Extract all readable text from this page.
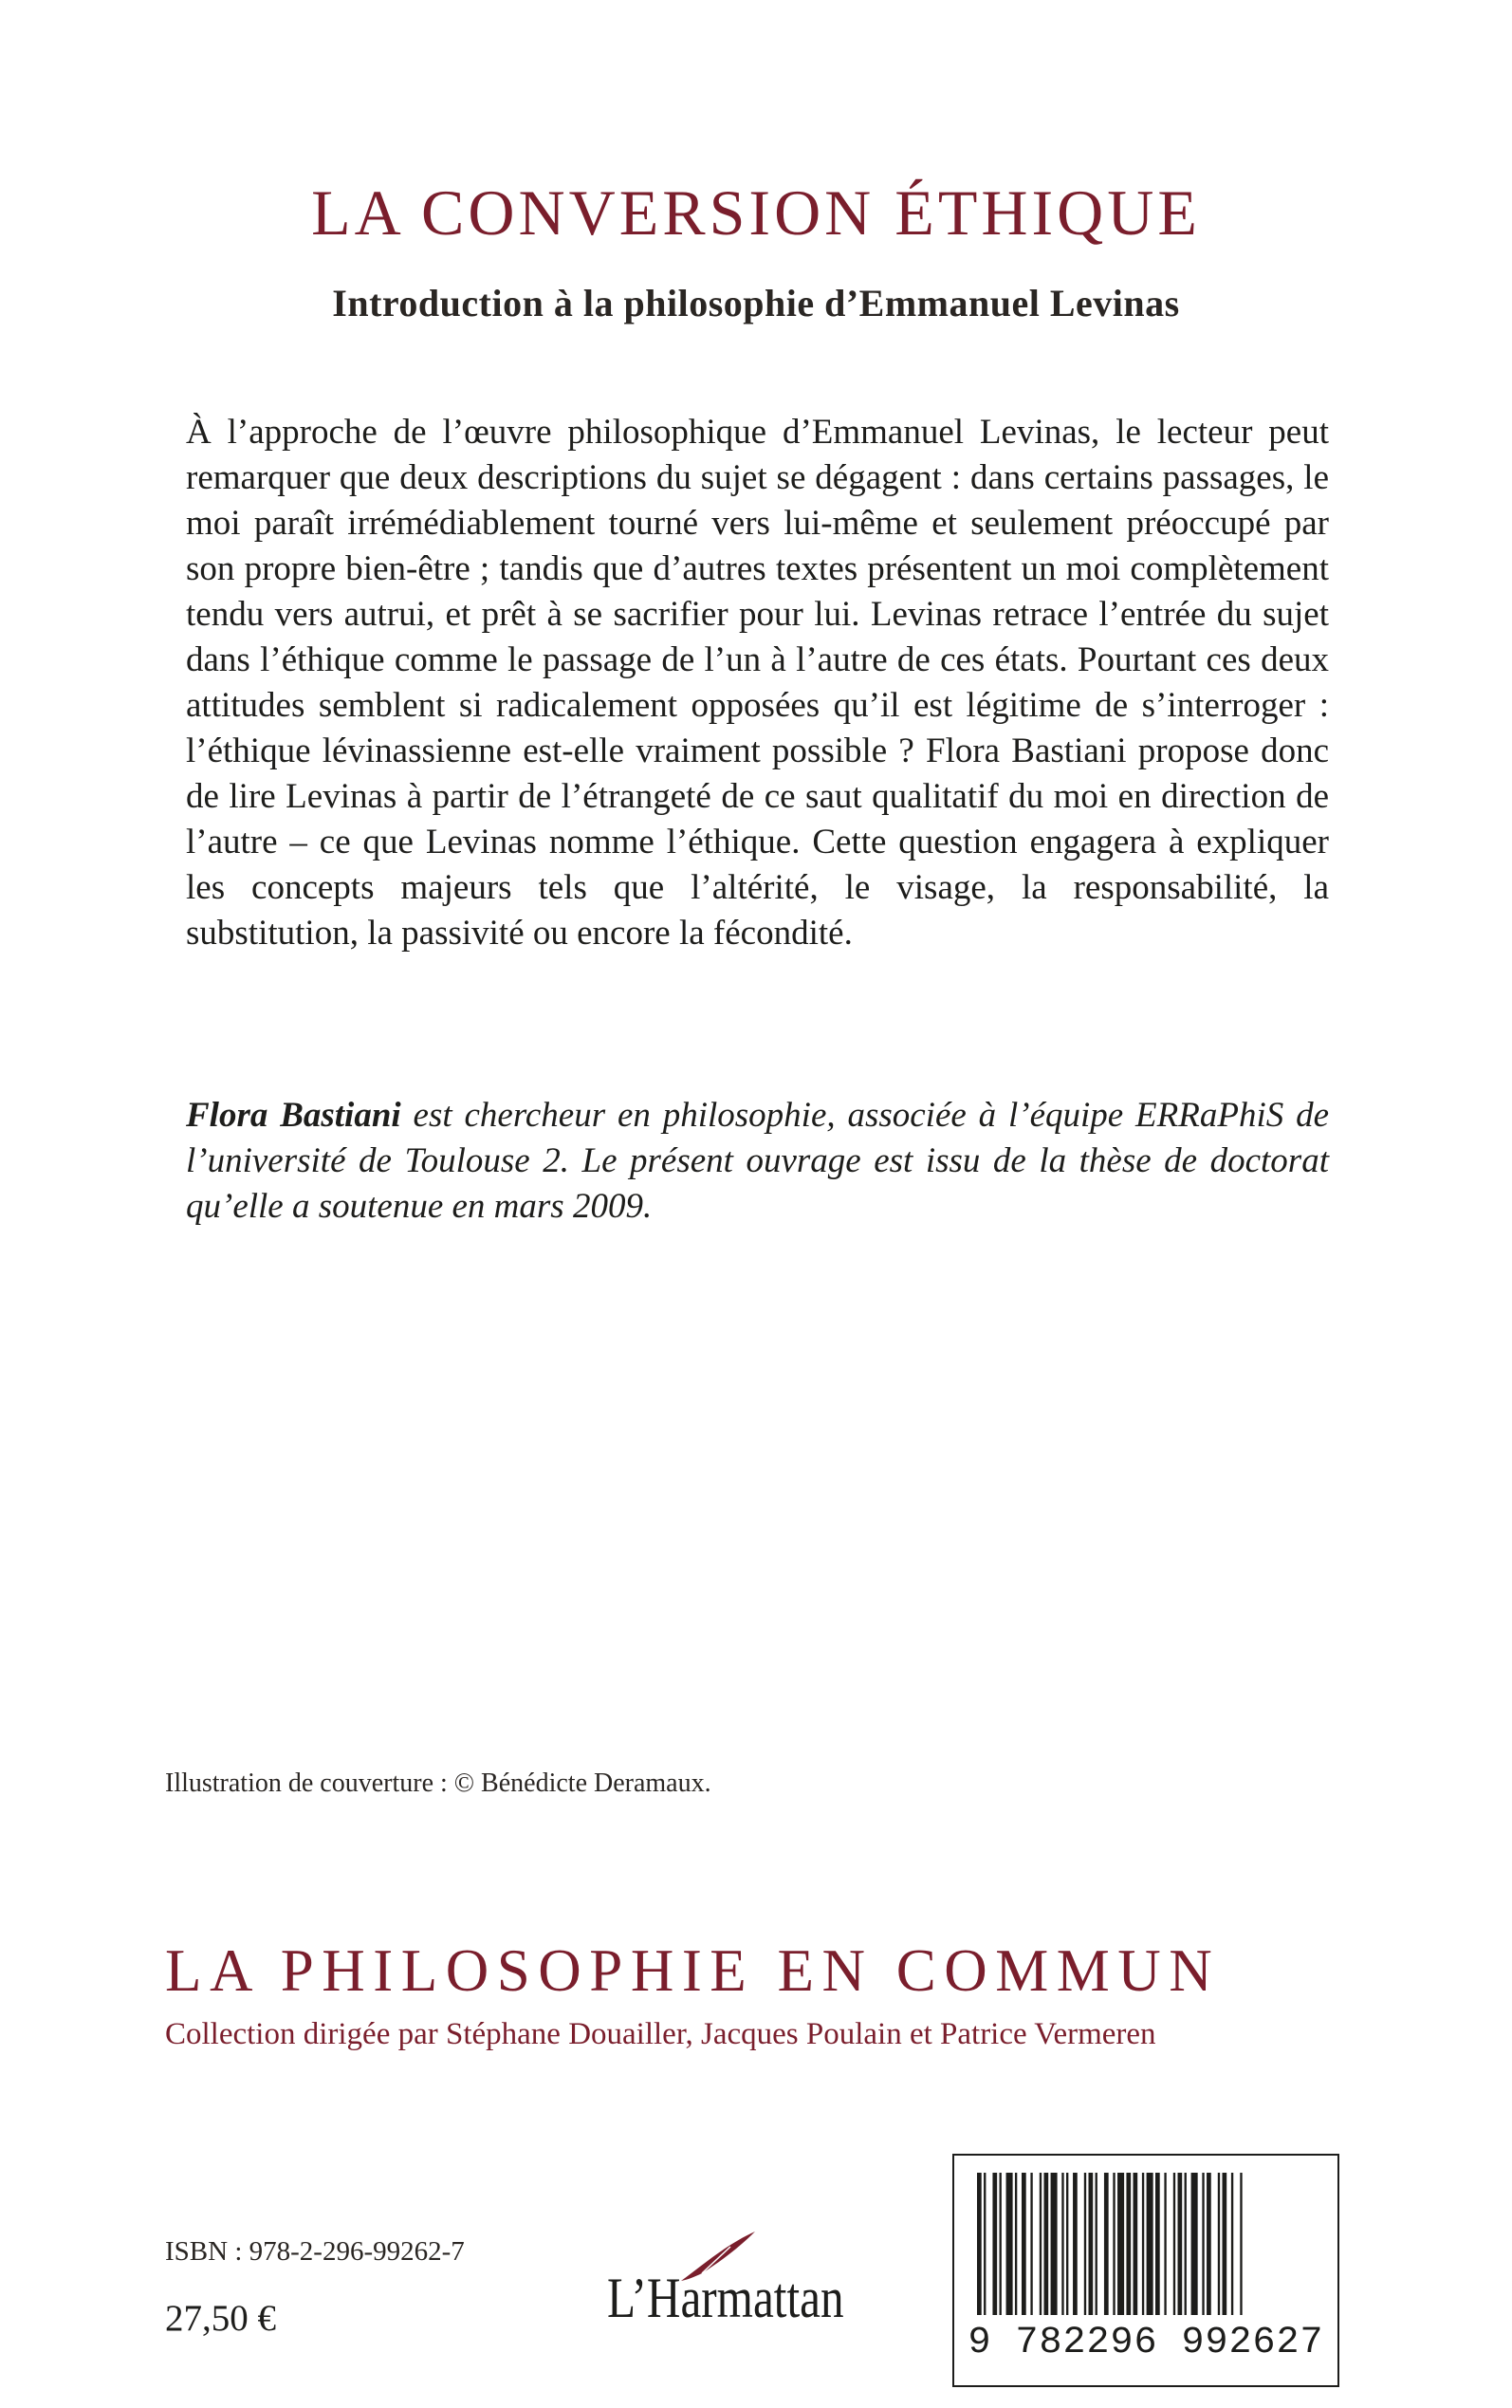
LA CONVERSION ÉTHIQUE
Introduction à la philosophie d’Emmanuel Levinas

À l’approche de l’œuvre philosophique d’Emmanuel Levinas, le lecteur peut remarquer que deux descriptions du sujet se dégagent : dans certains passages, le moi paraît irrémédiablement tourné vers lui-même et seulement préoccupé par son propre bien-être ; tandis que d’autres textes présentent un moi complètement tendu vers autrui, et prêt à se sacrifier pour lui. Levinas retrace l’entrée du sujet dans l’éthique comme le passage de l’un à l’autre de ces états. Pourtant ces deux attitudes semblent si radicalement opposées qu’il est légitime de s’interroger : l’éthique lévinassienne est-elle vraiment possible ? Flora Bastiani propose donc de lire Levinas à partir de l’étrangeté de ce saut qualitatif du moi en direction de l’autre – ce que Levinas nomme l’éthique. Cette question engagera à expliquer les concepts majeurs tels que l’altérité, le visage, la responsabilité, la substitution, la passivité ou encore la fécondité.

Flora Bastiani est chercheur en philosophie, associée à l’équipe ERRaPhiS de l’université de Toulouse 2. Le présent ouvrage est issu de la thèse de doctorat qu’elle a soutenue en mars 2009.

Illustration de couverture : © Bénédicte Deramaux.

LA PHILOSOPHIE EN COMMUN

Collection dirigée par Stéphane Douailler, Jacques Poulain et Patrice Vermeren

ISBN : 978-2-296-99262-7

27,50 €	L’Harmattan
9 782296 992627
